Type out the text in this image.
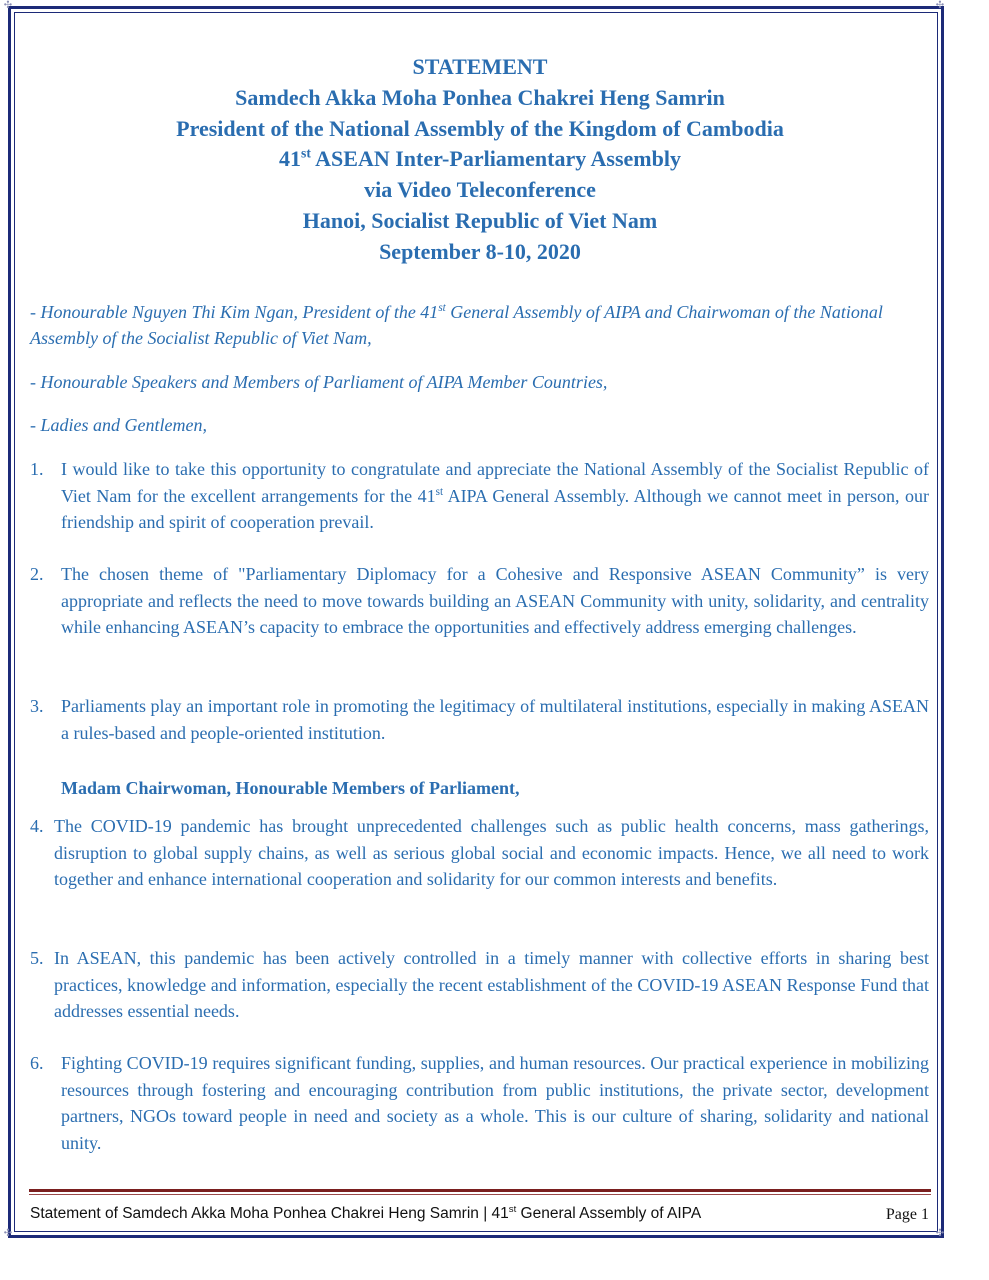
✣	✣
✣	✣
STATEMENT
Samdech Akka Moha Ponhea Chakrei Heng Samrin
President of the National Assembly of the Kingdom of Cambodia
41st ASEAN Inter-Parliamentary Assembly
via Video Teleconference
Hanoi, Socialist Republic of Viet Nam
September 8-10, 2020
- Honourable Nguyen Thi Kim Ngan, President of the 41st General Assembly of AIPA and Chairwoman of the National Assembly of the Socialist Republic of Viet Nam,
- Honourable Speakers and Members of Parliament of AIPA Member Countries,
- Ladies and Gentlemen,
1. I would like to take this opportunity to congratulate and appreciate the National Assembly of the Socialist Republic of Viet Nam for the excellent arrangements for the 41st AIPA General Assembly. Although we cannot meet in person, our friendship and spirit of cooperation prevail.
2. The chosen theme of "Parliamentary Diplomacy for a Cohesive and Responsive ASEAN Community” is very appropriate and reflects the need to move towards building an ASEAN Community with unity, solidarity, and centrality while enhancing ASEAN’s capacity to embrace the opportunities and effectively address emerging challenges.
3. Parliaments play an important role in promoting the legitimacy of multilateral institutions, especially in making ASEAN a rules-based and people-oriented institution.
Madam Chairwoman, Honourable Members of Parliament,
4. The COVID-19 pandemic has brought unprecedented challenges such as public health concerns, mass gatherings, disruption to global supply chains, as well as serious global social and economic impacts. Hence, we all need to work together and enhance international cooperation and solidarity for our common interests and benefits.
5. In ASEAN, this pandemic has been actively controlled in a timely manner with collective efforts in sharing best practices, knowledge and information, especially the recent establishment of the COVID-19 ASEAN Response Fund that addresses essential needs.
6. Fighting COVID-19 requires significant funding, supplies, and human resources. Our practical experience in mobilizing resources through fostering and encouraging contribution from public institutions, the private sector, development partners, NGOs toward people in need and society as a whole. This is our culture of sharing, solidarity and national unity.
Statement of Samdech Akka Moha Ponhea Chakrei Heng Samrin | 41st General Assembly of AIPA	Page 1
